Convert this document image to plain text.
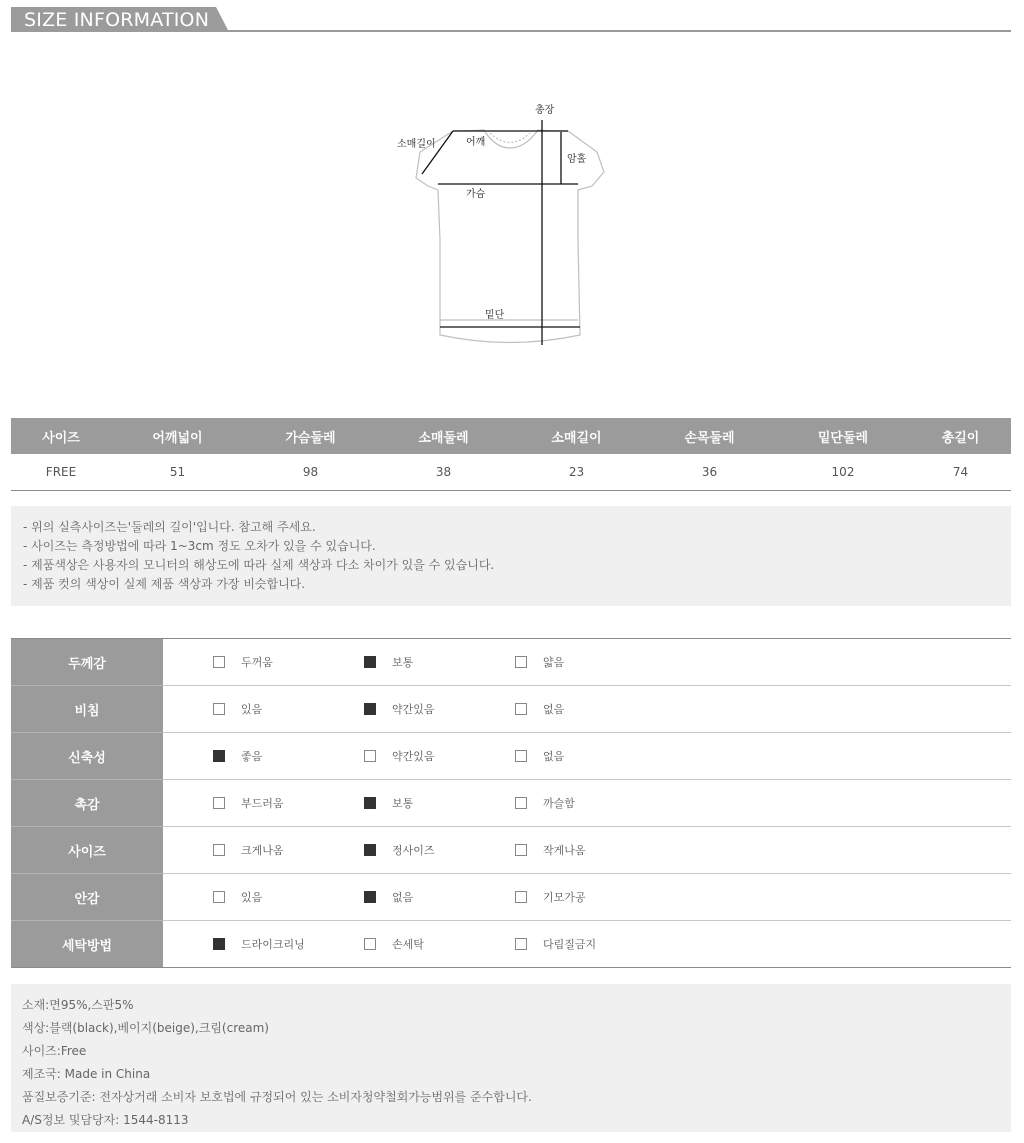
SIZE INFORMATION
총장
소매길이	어깨
암홀
가슴
밑단
사이즈	어깨넓이	가슴둘레	소매둘레	소매길이	손목둘레	밑단둘레	총길이
FREE	51	98	38	23	36	102	74
- 위의 실측사이즈는'둘레의 길이'입니다. 참고해 주세요.
- 사이즈는 측정방법에 따라 1~3cm 정도 오차가 있을 수 있습니다.
- 제품색상은 사용자의 모니터의 해상도에 따라 실제 색상과 다소 차이가 있을 수 있습니다.
- 제품 컷의 색상이 실제 제품 색상과 가장 비슷합니다.
두께감	두꺼움 보통 얇음

비침	있음 약간있음 없음

신축성	좋음 약간있음 없음

촉감	부드러움 보통 까슬함

사이즈	크게나옴 정사이즈 작게나옴

안감	있음 없음 기모가공

세탁방법	드라이크리닝 손세탁 다림질금지
소재:면95%,스판5%
색상:블랙(black),베이지(beige),크림(cream)
사이즈:Free
제조국: Made in China
품질보증기준: 전자상거래 소비자 보호법에 규정되어 있는 소비자청약철회가능범위를 준수합니다.
A/S정보 및담당자: 1544-8113
